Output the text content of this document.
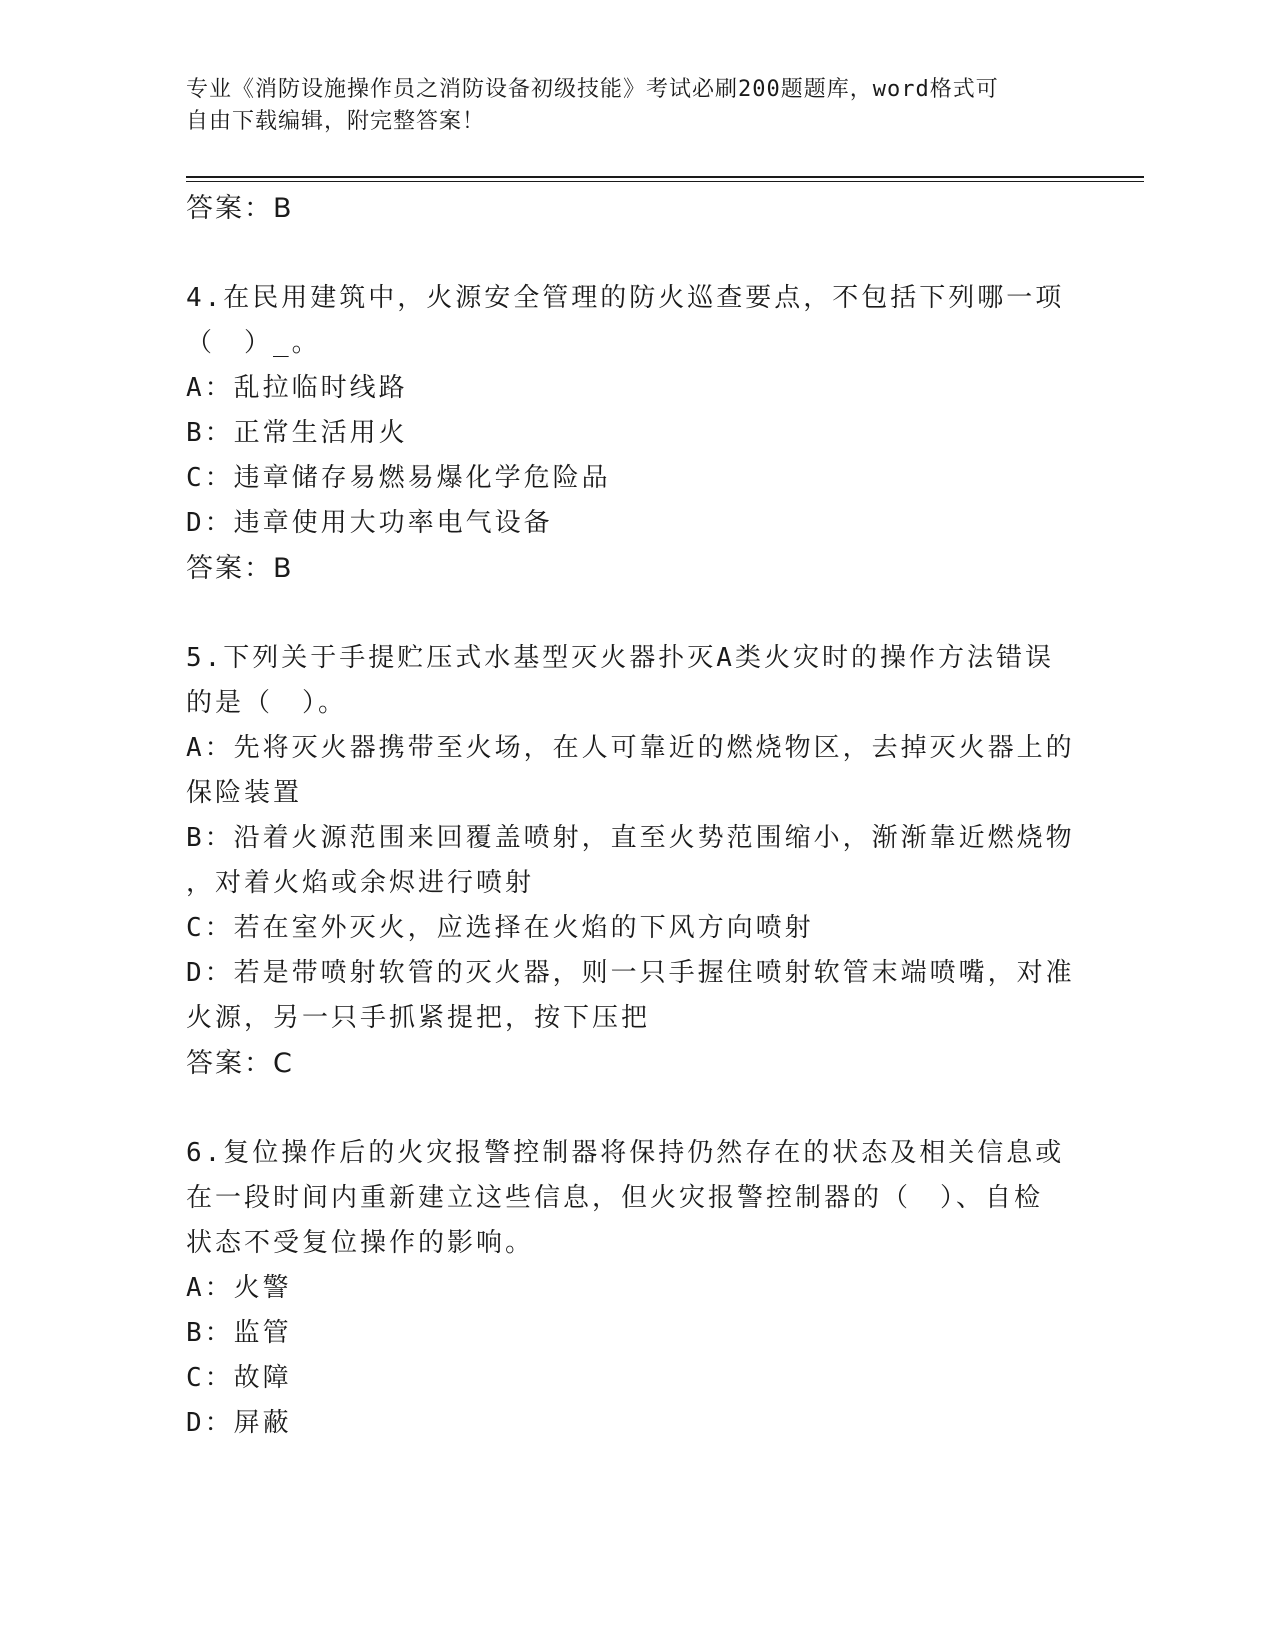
专业《消防设施操作员之消防设备初级技能》考试必刷200题题库，word格式可
自由下载编辑，附完整答案！
答案：B
4.在民用建筑中，火源安全管理的防火巡查要点，不包括下列哪一项
（　）_。
A：乱拉临时线路
B：正常生活用火
C：违章储存易燃易爆化学危险品
D：违章使用大功率电气设备
答案：B
5.下列关于手提贮压式水基型灭火器扑灭A类火灾时的操作方法错误
的是（　）。
A：先将灭火器携带至火场，在人可靠近的燃烧物区，去掉灭火器上的
保险装置
B：沿着火源范围来回覆盖喷射，直至火势范围缩小，渐渐靠近燃烧物
，对着火焰或余烬进行喷射
C：若在室外灭火，应选择在火焰的下风方向喷射
D：若是带喷射软管的灭火器，则一只手握住喷射软管末端喷嘴，对准
火源，另一只手抓紧提把，按下压把
答案：C
6.复位操作后的火灾报警控制器将保持仍然存在的状态及相关信息或
在一段时间内重新建立这些信息，但火灾报警控制器的（　）、自检
状态不受复位操作的影响。
A：火警
B：监管
C：故障
D：屏蔽
